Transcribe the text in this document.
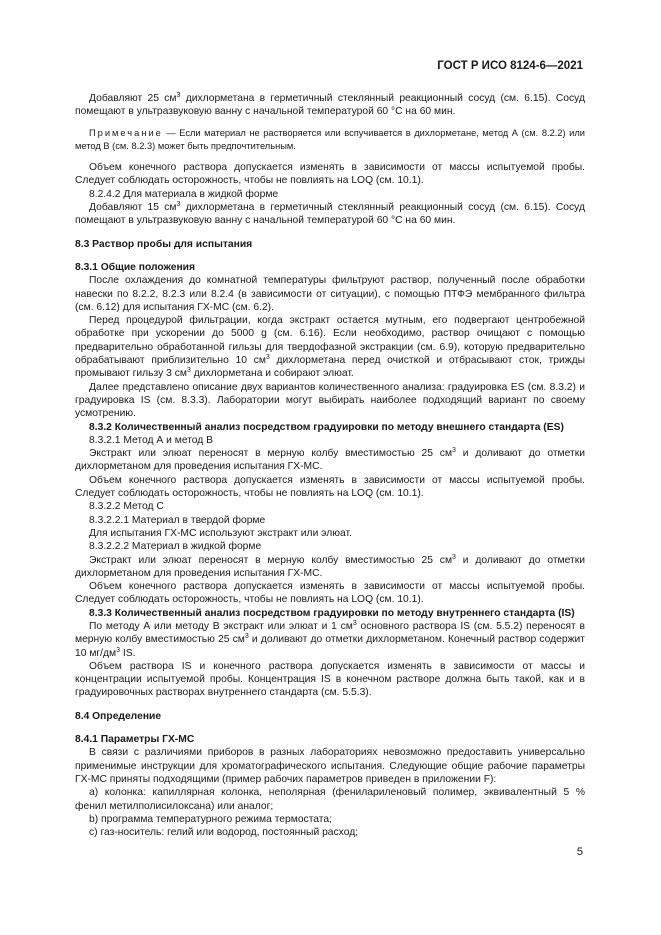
ГОСТ Р ИСО 8124-6—2021

Добавляют 25 $см^3$ дихлорметана в герметичный стеклянный реакционный сосуд (см. 6.15). Сосуд помещают в ультразвуковую ванну с начальной температурой 60 °С на 60 мин.

Примечание — Если материал не растворяется или вспучивается в дихлорметане, метод А (см. 8.2.2) или метод В (см. 8.2.3) может быть предпочтительным.

Объем конечного раствора допускается изменять в зависимости от массы испытуемой пробы. Следует соблюдать осторожность, чтобы не повлиять на LOQ (см. 10.1).

8.2.4.2 Для материала в жидкой форме

Добавляют 15 $см^3$ дихлорметана в герметичный стеклянный реакционный сосуд (см. 6.15). Сосуд помещают в ультразвуковую ванну с начальной температурой 60 °С на 60 мин.

8.3 Раствор пробы для испытания

8.3.1 Общие положения

После охлаждения до комнатной температуры фильтруют раствор, полученный после обработки навески по 8.2.2, 8.2.3 или 8.2.4 (в зависимости от ситуации), с помощью ПТФЭ мембранного фильтра (см. 6.12) для испытания ГХ-МС (см. 6.2).

Перед процедурой фильтрации, когда экстракт остается мутным, его подвергают центробежной обработке при ускорении до 5000 g (см. 6.16). Если необходимо, раствор очищают с помощью предварительно обработанной гильзы для твердофазной экстракции (см. 6.9), которую предварительно обрабатывают приблизительно 10 $см^3$ дихлорметана перед очисткой и отбрасывают сток, трижды промывают гильзу 3 $см^3$ дихлорметана и собирают элюат.

Далее представлено описание двух вариантов количественного анализа: градуировка ES (см. 8.3.2) и градуировка IS (см. 8.3.3). Лаборатории могут выбирать наиболее подходящий вариант по своему усмотрению.

8.3.2 Количественный анализ посредством градуировки по методу внешнего стандарта (ES)

8.3.2.1 Метод А и метод В

Экстракт или элюат переносят в мерную колбу вместимостью 25 $см^3$ и доливают до отметки дихлорметаном для проведения испытания ГХ-МС.

Объем конечного раствора допускается изменять в зависимости от массы испытуемой пробы. Следует соблюдать осторожность, чтобы не повлиять на LOQ (см. 10.1).

8.3.2.2 Метод С

8.3.2.2.1 Материал в твердой форме

Для испытания ГХ-МС используют экстракт или элюат.

8.3.2.2.2 Материал в жидкой форме

Экстракт или элюат переносят в мерную колбу вместимостью 25 $см^3$ и доливают до отметки дихлорметаном для проведения испытания ГХ-МС.

Объем конечного раствора допускается изменять в зависимости от массы испытуемой пробы. Следует соблюдать осторожность, чтобы не повлиять на LOQ (см. 10.1).

8.3.3 Количественный анализ посредством градуировки по методу внутреннего стандарта (IS)

По методу А или методу В экстракт или элюат и 1 $см^3$ основного раствора IS (см. 5.5.2) переносят в мерную колбу вместимостью 25 $см^3$ и доливают до отметки дихлорметаном. Конечный раствор содержит 10 $мг/дм^3$ IS.

Объем раствора IS и конечного раствора допускается изменять в зависимости от массы и концентрации испытуемой пробы. Концентрация IS в конечном растворе должна быть такой, как и в градуировочных растворах внутреннего стандарта (см. 5.5.3).

8.4 Определение

8.4.1 Параметры ГХ-МС

В связи с различиями приборов в разных лабораториях невозможно предоставить универсально применимые инструкции для хроматографического испытания. Следующие общие рабочие параметры ГХ-МС приняты подходящими (пример рабочих параметров приведен в приложении F):

a) колонка: капиллярная колонка, неполярная (фенилариленовый полимер, эквивалентный 5 % фенил метилполисилоксана) или аналог;

b) программа температурного режима термостата;

c) газ-носитель: гелий или водород, постоянный расход;

5
